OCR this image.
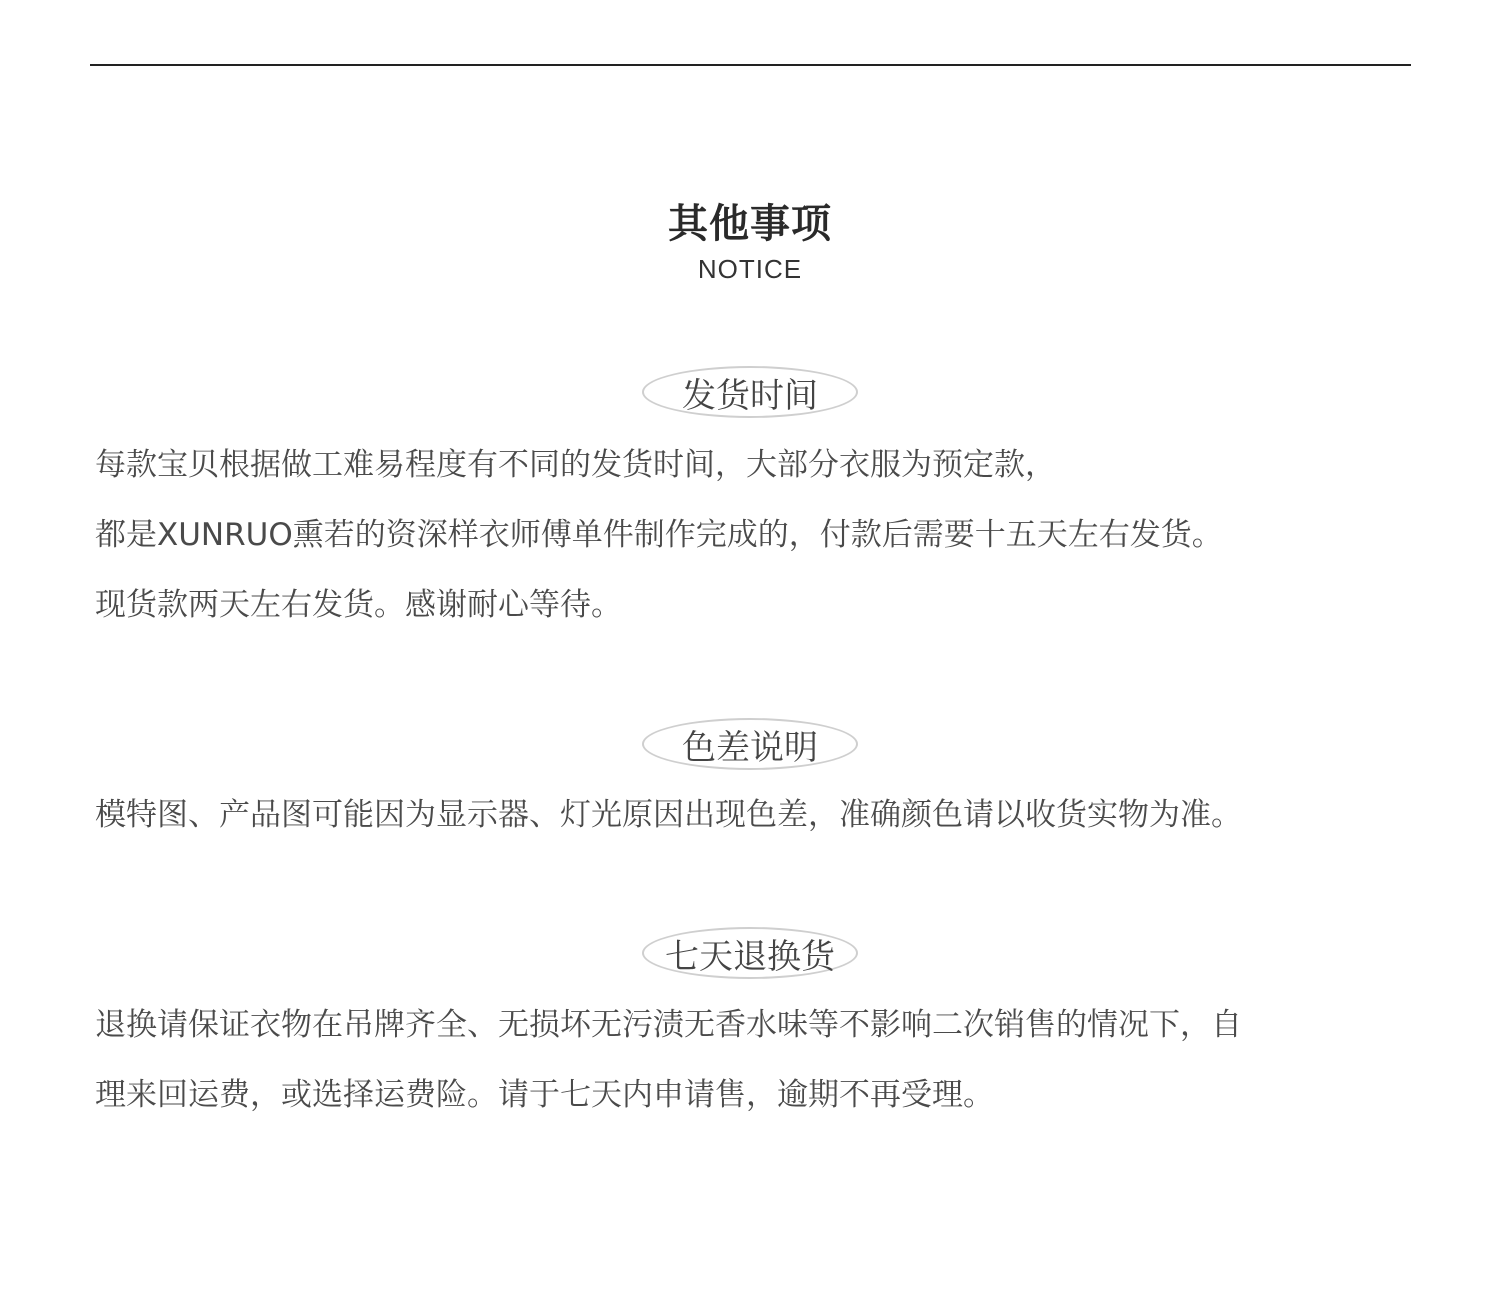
其他事项
NOTICE
发货时间
每款宝贝根据做工难易程度有不同的发货时间，大部分衣服为预定款，
都是XUNRUO熏若的资深样衣师傅单件制作完成的，付款后需要十五天左右发货。
现货款两天左右发货。感谢耐心等待。
色差说明
模特图、产品图可能因为显示器、灯光原因出现色差，准确颜色请以收货实物为准。
七天退换货
退换请保证衣物在吊牌齐全、无损坏无污渍无香水味等不影响二次销售的情况下，自
理来回运费，或选择运费险。请于七天内申请售，逾期不再受理。
